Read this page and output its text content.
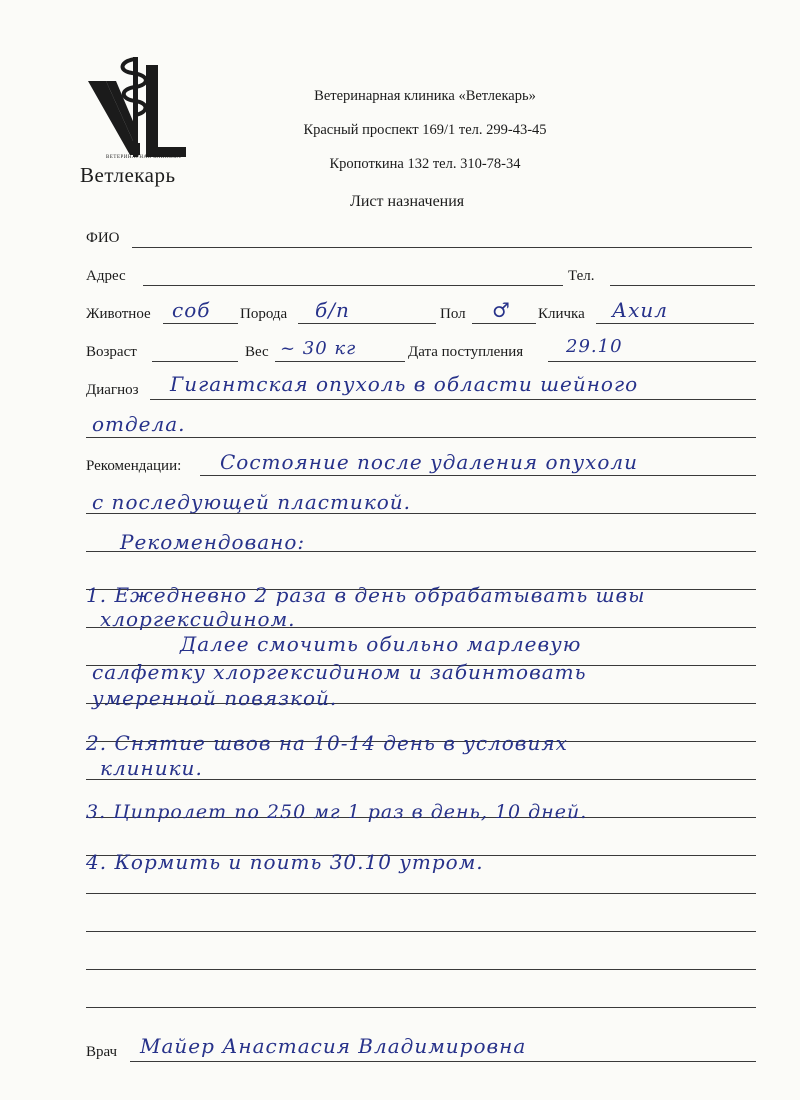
ВЕТЕРИНАРНАЯ КЛИНИКА
Ветлекарь
Ветеринарная клиника «Ветлекарь»
Красный проспект 169/1 тел. 299-43-45
Кропоткина 132 тел. 310-78-34
Лист назначения
ФИО
Адрес	Тел.
Животное соб Порода б/п	Пол ♂ Кличка Ахил
Возраст	Вес ~ 30 кг	Дата поступления 29.10
Диагноз Гигантская опухоль в области шейного
отдела.
Рекомендации: Состояние после удаления опухоли
с последующей пластикой.
Рекомендовано:
1. Ежедневно 2 раза в день обрабатывать швы
хлоргексидином.
Далее смочить обильно марлевую
салфетку хлоргексидином и забинтовать
умеренной повязкой.
2. Снятие швов на 10-14 день в условиях
клиники.
3. Ципролет по 250 мг 1 раз в день, 10 дней.
4. Кормить и поить 30.10 утром.
Врач Майер Анастасия Владимировна
